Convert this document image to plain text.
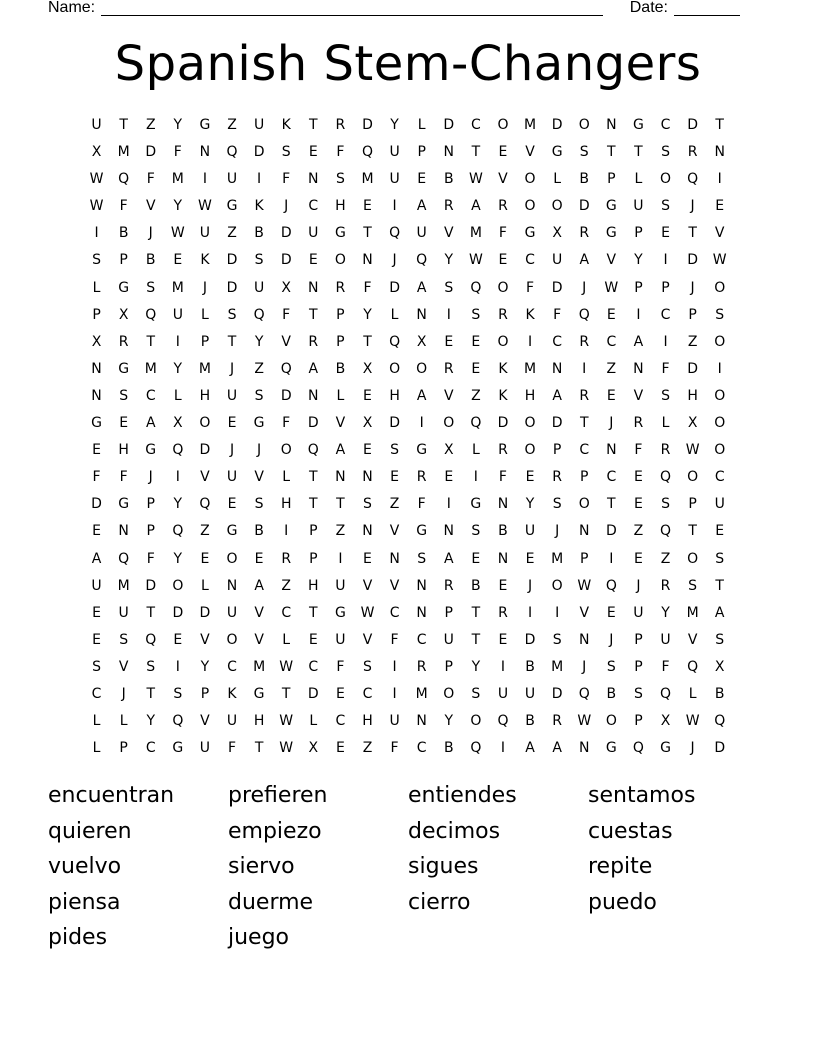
Name:	Date:
Spanish Stem-Changers
U	T	Z	Y	G	Z	U	K	T	R	D	Y	L	D	C	O	M	D	O	N	G	C	D	T
X	M	D	F	N	Q	D	S	E	F	Q	U	P	N	T	E	V	G	S	T	T	S	R	N
W	Q	F	M	I	U	I	F	N	S	M	U	E	B	W	V	O	L	B	P	L	O	Q	I
W	F	V	Y	W	G	K	J	C	H	E	I	A	R	A	R	O	O	D	G	U	S	J	E
I	B	J	W	U	Z	B	D	U	G	T	Q	U	V	M	F	G	X	R	G	P	E	T	V
S	P	B	E	K	D	S	D	E	O	N	J	Q	Y	W	E	C	U	A	V	Y	I	D	W
L	G	S	M	J	D	U	X	N	R	F	D	A	S	Q	O	F	D	J	W	P	P	J	O
P	X	Q	U	L	S	Q	F	T	P	Y	L	N	I	S	R	K	F	Q	E	I	C	P	S
X	R	T	I	P	T	Y	V	R	P	T	Q	X	E	E	O	I	C	R	C	A	I	Z	O
N	G	M	Y	M	J	Z	Q	A	B	X	O	O	R	E	K	M	N	I	Z	N	F	D	I
N	S	C	L	H	U	S	D	N	L	E	H	A	V	Z	K	H	A	R	E	V	S	H	O
G	E	A	X	O	E	G	F	D	V	X	D	I	O	Q	D	O	D	T	J	R	L	X	O
E	H	G	Q	D	J	J	O	Q	A	E	S	G	X	L	R	O	P	C	N	F	R	W	O
F	F	J	I	V	U	V	L	T	N	N	E	R	E	I	F	E	R	P	C	E	Q	O	C
D	G	P	Y	Q	E	S	H	T	T	S	Z	F	I	G	N	Y	S	O	T	E	S	P	U
E	N	P	Q	Z	G	B	I	P	Z	N	V	G	N	S	B	U	J	N	D	Z	Q	T	E
A	Q	F	Y	E	O	E	R	P	I	E	N	S	A	E	N	E	M	P	I	E	Z	O	S
U	M	D	O	L	N	A	Z	H	U	V	V	N	R	B	E	J	O	W	Q	J	R	S	T
E	U	T	D	D	U	V	C	T	G	W	C	N	P	T	R	I	I	V	E	U	Y	M	A
E	S	Q	E	V	O	V	L	E	U	V	F	C	U	T	E	D	S	N	J	P	U	V	S
S	V	S	I	Y	C	M	W	C	F	S	I	R	P	Y	I	B	M	J	S	P	F	Q	X
C	J	T	S	P	K	G	T	D	E	C	I	M	O	S	U	U	D	Q	B	S	Q	L	B
L	L	Y	Q	V	U	H	W	L	C	H	U	N	Y	O	Q	B	R	W	O	P	X	W	Q
L	P	C	G	U	F	T	W	X	E	Z	F	C	B	Q	I	A	A	N	G	Q	G	J	D
encuentran	prefieren	entiendes	sentamos
quieren	empiezo	decimos	cuestas
vuelvo	siervo	sigues	repite
piensa	duerme	cierro	puedo
pides	juego
